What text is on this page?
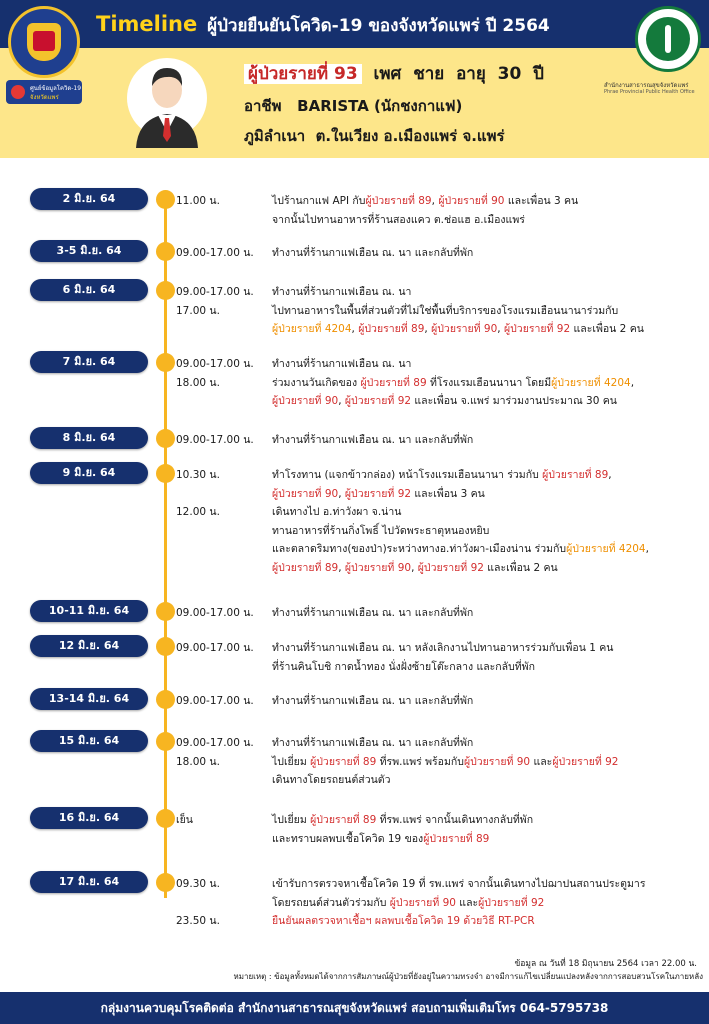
Timeline ผู้ป่วยยืนยันโควิด-19 ของจังหวัดแพร่ ปี 2564
ศูนย์ข้อมูลโควิด-19
จังหวัดแพร่
สำนักงานสาธารณสุขจังหวัดแพร่
Phrae Provincial Public Health Office
ผู้ป่วยรายที่ 93 เพศ ชาย อายุ 30 ปี
อาชีพ BARISTA (นักชงกาแฟ)
ภูมิลำเนา ต.ในเวียง อ.เมืองแพร่ จ.แพร่
2 มิ.ย. 64	11.00 น.	ไปร้านกาแฟ API กับผู้ป่วยรายที่ 89, ผู้ป่วยรายที่ 90 และเพื่อน 3 คน
จากนั้นไปทานอาหารที่ร้านสองแคว ต.ช่อแฮ อ.เมืองแพร่
3-5 มิ.ย. 64	09.00-17.00 น. ทำงานที่ร้านกาแฟเฮือน ณ. นา และกลับที่พัก
6 มิ.ย. 64	09.00-17.00 น. ทำงานที่ร้านกาแฟเฮือน ณ. นา
17.00 น.	ไปทานอาหารในพื้นที่ส่วนตัวที่ไม่ใช่พื้นที่บริการของโรงแรมเฮือนนานาร่วมกับ
ผู้ป่วยรายที่ 4204, ผู้ป่วยรายที่ 89, ผู้ป่วยรายที่ 90, ผู้ป่วยรายที่ 92 และเพื่อน 2 คน
7 มิ.ย. 64	09.00-17.00 น. ทำงานที่ร้านกาแฟเฮือน ณ. นา
18.00 น.	ร่วมงานวันเกิดของ ผู้ป่วยรายที่ 89 ที่โรงแรมเฮือนนานา โดยมีผู้ป่วยรายที่ 4204,
ผู้ป่วยรายที่ 90, ผู้ป่วยรายที่ 92 และเพื่อน จ.แพร่ มาร่วมงานประมาณ 30 คน
8 มิ.ย. 64	09.00-17.00 น. ทำงานที่ร้านกาแฟเฮือน ณ. นา และกลับที่พัก
9 มิ.ย. 64	10.30 น.	ทำโรงทาน (แจกข้าวกล่อง) หน้าโรงแรมเฮือนนานา ร่วมกับ ผู้ป่วยรายที่ 89,
ผู้ป่วยรายที่ 90, ผู้ป่วยรายที่ 92 และเพื่อน 3 คน
12.00 น.	เดินทางไป อ.ท่าวังผา จ.น่าน
ทานอาหารที่ร้านกิ่งโพธิ์ ไปวัดพระธาตุหนองหยิบ
และตลาดริมทาง(ของป่า)ระหว่างทางอ.ท่าวังผา-เมืองน่าน ร่วมกับผู้ป่วยรายที่ 4204,
ผู้ป่วยรายที่ 89, ผู้ป่วยรายที่ 90, ผู้ป่วยรายที่ 92 และเพื่อน 2 คน
10-11 มิ.ย. 64	09.00-17.00 น. ทำงานที่ร้านกาแฟเฮือน ณ. นา และกลับที่พัก
12 มิ.ย. 64	09.00-17.00 น. ทำงานที่ร้านกาแฟเฮือน ณ. นา หลังเลิกงานไปทานอาหารร่วมกับเพื่อน 1 คน
ที่ร้านคินโบชิ กาดน้ำทอง นั่งฝั่งซ้ายโต๊ะกลาง และกลับที่พัก
13-14 มิ.ย. 64	09.00-17.00 น. ทำงานที่ร้านกาแฟเฮือน ณ. นา และกลับที่พัก
15 มิ.ย. 64	09.00-17.00 น. ทำงานที่ร้านกาแฟเฮือน ณ. นา และกลับที่พัก
18.00 น.	ไปเยี่ยม ผู้ป่วยรายที่ 89 ที่รพ.แพร่ พร้อมกับผู้ป่วยรายที่ 90 และผู้ป่วยรายที่ 92
เดินทางโดยรถยนต์ส่วนตัว
16 มิ.ย. 64	เย็น	ไปเยี่ยม ผู้ป่วยรายที่ 89 ที่รพ.แพร่ จากนั้นเดินทางกลับที่พัก
และทราบผลพบเชื้อโควิด 19 ของผู้ป่วยรายที่ 89
17 มิ.ย. 64	09.30 น.	เข้ารับการตรวจหาเชื้อโควิด 19 ที่ รพ.แพร่ จากนั้นเดินทางไปฌาปนสถานประตูมาร
โดยรถยนต์ส่วนตัวร่วมกับ ผู้ป่วยรายที่ 90 และผู้ป่วยรายที่ 92
23.50 น.	ยืนยันผลตรวจหาเชื้อฯ ผลพบเชื้อโควิด 19 ด้วยวิธี RT-PCR
ข้อมูล ณ วันที่ 18 มิถุนายน 2564 เวลา 22.00 น.
หมายเหตุ : ข้อมูลทั้งหมดได้จากการสัมภาษณ์ผู้ป่วยที่ยังอยู่ในความทรงจำ อาจมีการแก้ไขเปลี่ยนแปลงหลังจากการสอบสวนโรคในภายหลัง
กลุ่มงานควบคุมโรคติดต่อ สำนักงานสาธารณสุขจังหวัดแพร่ สอบถามเพิ่มเติมโทร 064-5795738
